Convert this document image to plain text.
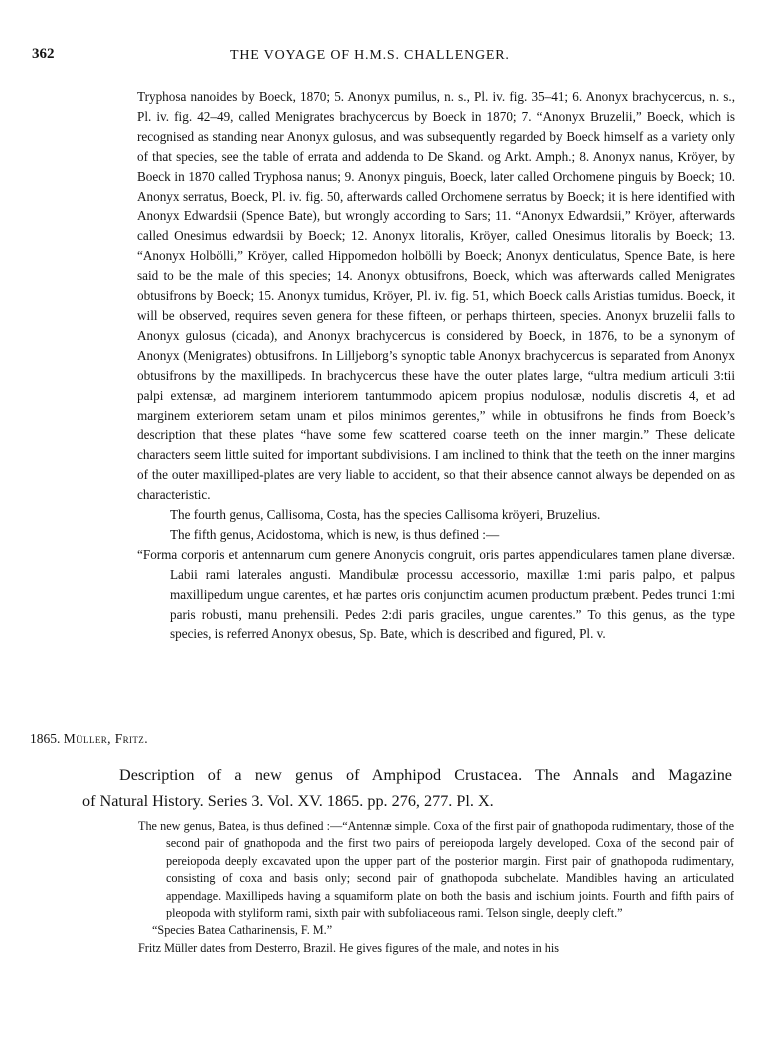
362	THE VOYAGE OF H.M.S. CHALLENGER.

Tryphosa nanoides by Boeck, 1870; 5. Anonyx pumilus, n. s., Pl. iv. fig. 35–41; 6. Anonyx brachycercus, n. s., Pl. iv. fig. 42–49, called Menigrates brachycercus by Boeck in 1870; 7. “Anonyx Bruzelii,” Boeck, which is recognised as standing near Anonyx gulosus, and was subsequently regarded by Boeck himself as a variety only of that species, see the table of errata and addenda to De Skand. og Arkt. Amph.; 8. Anonyx nanus, Kröyer, by Boeck in 1870 called Tryphosa nanus; 9. Anonyx pinguis, Boeck, later called Orchomene pinguis by Boeck; 10. Anonyx serratus, Boeck, Pl. iv. fig. 50, afterwards called Orchomene serratus by Boeck; it is here identified with Anonyx Edwardsii (Spence Bate), but wrongly according to Sars; 11. “Anonyx Edwardsii,” Kröyer, afterwards called Onesimus edwardsii by Boeck; 12. Anonyx litoralis, Kröyer, called Onesimus litoralis by Boeck; 13. “Anonyx Holbölli,” Kröyer, called Hippomedon holbölli by Boeck; Anonyx denticulatus, Spence Bate, is here said to be the male of this species; 14. Anonyx obtusifrons, Boeck, which was afterwards called Menigrates obtusifrons by Boeck; 15. Anonyx tumidus, Kröyer, Pl. iv. fig. 51, which Boeck calls Aristias tumidus. Boeck, it will be observed, requires seven genera for these fifteen, or perhaps thirteen, species. Anonyx bruzelii falls to Anonyx gulosus (cicada), and Anonyx brachycercus is considered by Boeck, in 1876, to be a synonym of Anonyx (Menigrates) obtusifrons. In Lilljeborg’s synoptic table Anonyx brachycercus is separated from Anonyx obtusifrons by the maxillipeds. In brachycercus these have the outer plates large, “ultra medium articuli 3:tii palpi extensæ, ad marginem interiorem tantummodo apicem propius nodulosæ, nodulis discretis 4, et ad marginem exteriorem setam unam et pilos minimos gerentes,” while in obtusifrons he finds from Boeck’s description that these plates “have some few scattered coarse teeth on the inner margin.” These delicate characters seem little suited for important subdivisions. I am inclined to think that the teeth on the inner margins of the outer maxilliped-plates are very liable to accident, so that their absence cannot always be depended on as characteristic.

The fourth genus, Callisoma, Costa, has the species Callisoma kröyeri, Bruzelius.

The fifth genus, Acidostoma, which is new, is thus defined :—

“Forma corporis et antennarum cum genere Anonycis congruit, oris partes appendiculares tamen plane diversæ. Labii rami laterales angusti. Mandibulæ processu accessorio, maxillæ 1:mi paris palpo, et palpus maxillipedum ungue carentes, et hæ partes oris conjunctim acumen productum præbent. Pedes trunci 1:mi paris robusti, manu prehensili. Pedes 2:di paris graciles, ungue carentes.” To this genus, as the type species, is referred Anonyx obesus, Sp. Bate, which is described and figured, Pl. v.

1865. Müller, Fritz.

Description of a new genus of Amphipod Crustacea. The Annals and Magazine

of Natural History. Series 3. Vol. XV. 1865. pp. 276, 277. Pl. X.

The new genus, Batea, is thus defined :—“Antennæ simple. Coxa of the first pair of gnathopoda rudimentary, those of the second pair of gnathopoda and the first two pairs of pereiopoda largely developed. Coxa of the second pair of pereiopoda deeply excavated upon the upper part of the posterior margin. First pair of gnathopoda rudimentary, consisting of coxa and basis only; second pair of gnathopoda subchelate. Mandibles having an articulated appendage. Maxillipeds having a squamiform plate on both the basis and ischium joints. Fourth and fifth pairs of pleopoda with styliform rami, sixth pair with subfoliaceous rami. Telson single, deeply cleft.”

“Species Batea Catharinensis, F. M.”

Fritz Müller dates from Desterro, Brazil. He gives figures of the male, and notes in his
